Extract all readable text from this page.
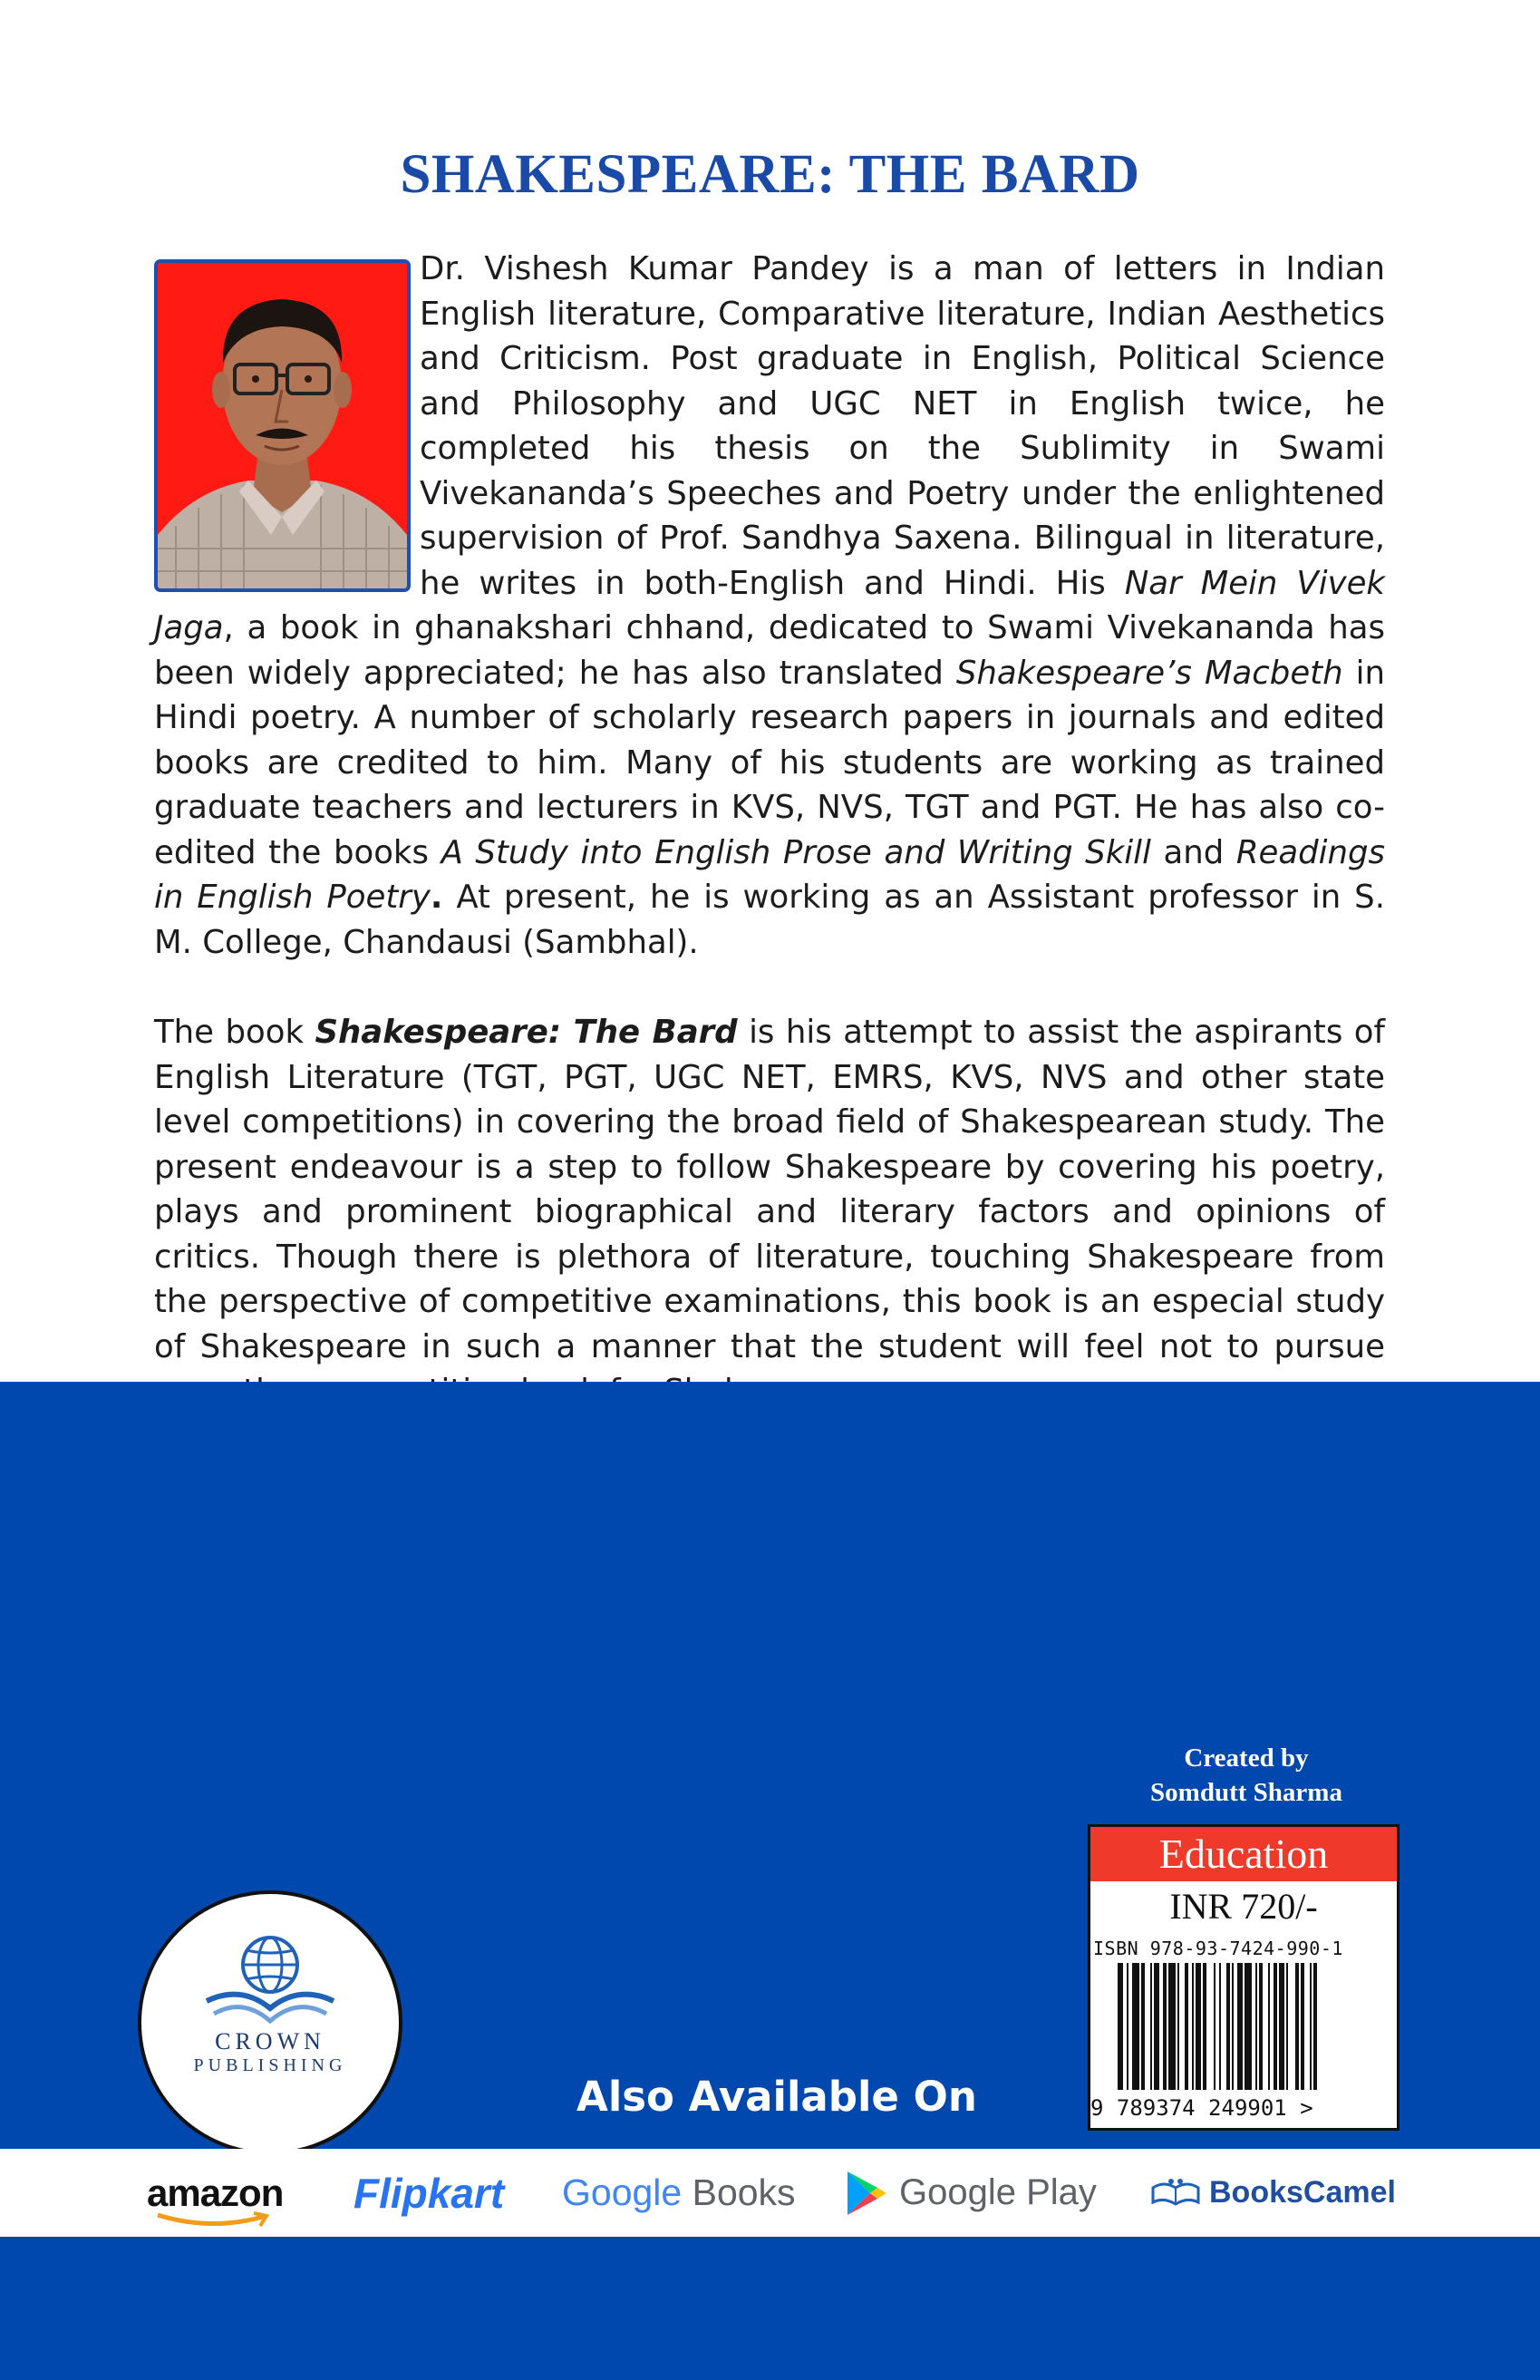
SHAKESPEARE: THE BARD

Dr. Vishesh Kumar Pandey is a man of letters in Indian English literature, Comparative literature, Indian Aesthetics and Criticism. Post graduate in English, Political Science and Philosophy and UGC NET in English twice, he completed his thesis on the Sublimity in Swami Vivekananda’s Speeches and Poetry under the enlightened supervision of Prof. Sandhya Saxena. Bilingual in literature, he writes in both-English and Hindi. His Nar Mein Vivek Jaga, a book in ghanakshari chhand, dedicated to Swami Vivekananda has been widely appreciated; he has also translated Shakespeare’s Macbeth in Hindi poetry. A number of scholarly research papers in journals and edited books are credited to him. Many of his students are working as trained graduate teachers and lecturers in KVS, NVS, TGT and PGT. He has also co-edited the books A Study into English Prose and Writing Skill and Readings in English Poetry. At present, he is working as an Assistant professor in S. M. College, Chandausi (Sambhal).

The book Shakespeare: The Bard is his attempt to assist the aspirants of English Literature (TGT, PGT, UGC NET, EMRS, KVS, NVS and other state level competitions) in covering the broad field of Shakespearean study. The present endeavour is a step to follow Shakespeare by covering his poetry, plays and prominent biographical and literary factors and opinions of critics. Though there is plethora of literature, touching Shakespeare from the perspective of competitive examinations, this book is an especial study of Shakespeare in such a manner that the student will feel not to pursue

CROWN
PUBLISHING
Created by
Somdutt Sharma
Education
INR 720/-
ISBN 978-93-7424-990-1
9 789374 249901 >
Also Available On
amazon Flipkart Google Books	Google Play	BooksCamel
